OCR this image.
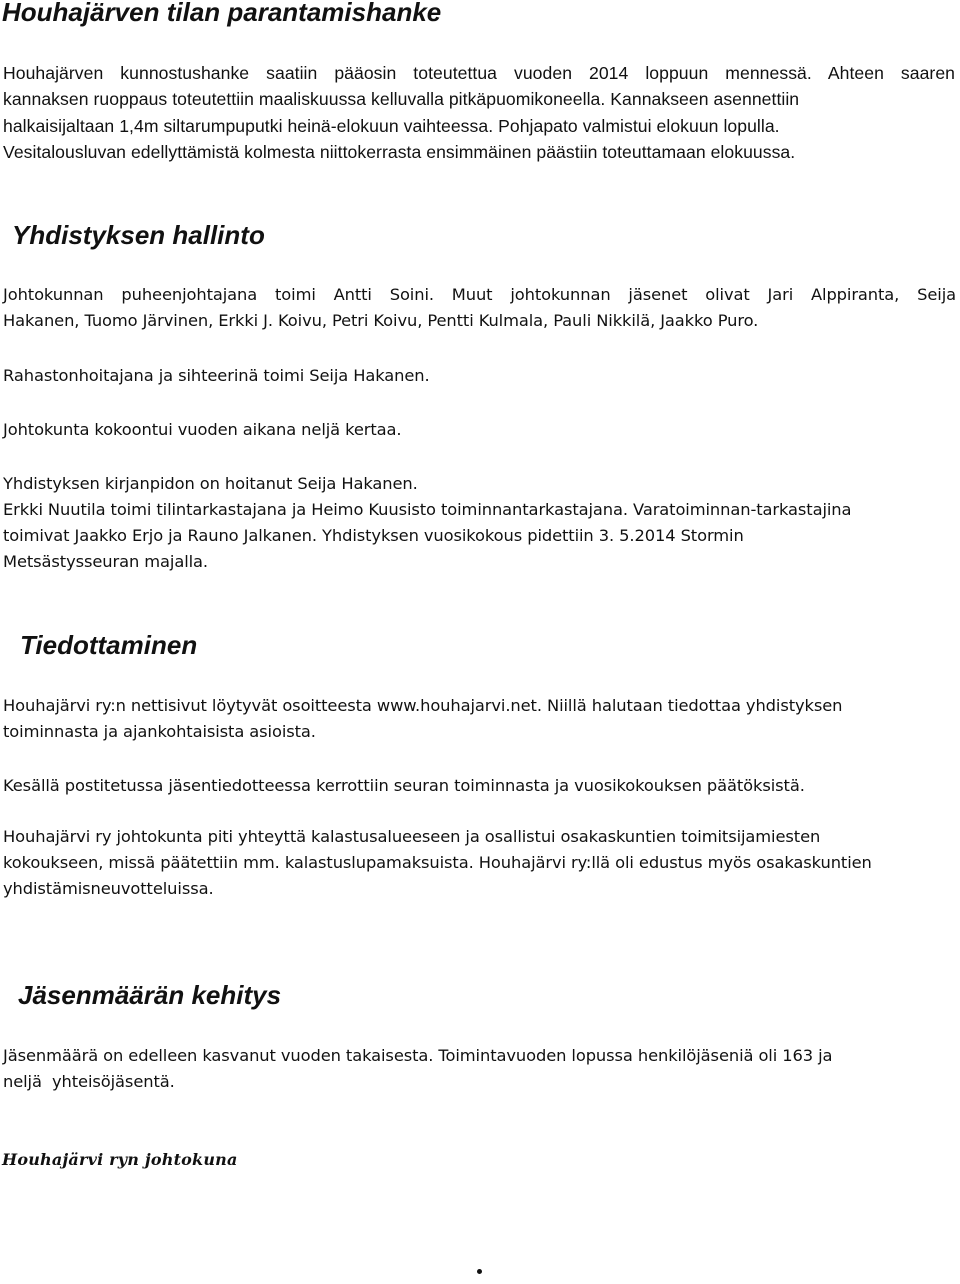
Houhajärven tilan parantamishanke

Houhajärven kunnostushanke saatiin pääosin toteutettua vuoden 2014 loppuun mennessä. Ahteen saaren

kannaksen ruoppaus toteutettiin maaliskuussa kelluvalla pitkäpuomikoneella. Kannakseen asennettiin

halkaisijaltaan 1,4m siltarumpuputki heinä-elokuun vaihteessa. Pohjapato valmistui elokuun lopulla.

Vesitalousluvan edellyttämistä kolmesta niittokerrasta ensimmäinen päästiin toteuttamaan elokuussa.

Yhdistyksen hallinto

Johtokunnan puheenjohtajana toimi Antti Soini. Muut johtokunnan jäsenet olivat Jari Alppiranta, Seija

Hakanen, Tuomo Järvinen, Erkki J. Koivu, Petri Koivu, Pentti Kulmala, Pauli Nikkilä, Jaakko Puro.

Rahastonhoitajana ja sihteerinä toimi Seija Hakanen.

Johtokunta kokoontui vuoden aikana neljä kertaa.

Yhdistyksen kirjanpidon on hoitanut Seija Hakanen.

Erkki Nuutila toimi tilintarkastajana ja Heimo Kuusisto toiminnantarkastajana. Varatoiminnan-tarkastajina

toimivat Jaakko Erjo ja Rauno Jalkanen. Yhdistyksen vuosikokous pidettiin 3. 5.2014 Stormin

Metsästysseuran majalla.

Tiedottaminen

Houhajärvi ry:n nettisivut löytyvät osoitteesta www.houhajarvi.net. Niillä halutaan tiedottaa yhdistyksen

toiminnasta ja ajankohtaisista asioista.

Kesällä postitetussa jäsentiedotteessa kerrottiin seuran toiminnasta ja vuosikokouksen päätöksistä.

Houhajärvi ry johtokunta piti yhteyttä kalastusalueeseen ja osallistui osakaskuntien toimitsijamiesten

kokoukseen, missä päätettiin mm. kalastuslupamaksuista. Houhajärvi ry:llä oli edustus myös osakaskuntien

yhdistämisneuvotteluissa.

Jäsenmäärän kehitys

Jäsenmäärä on edelleen kasvanut vuoden takaisesta. Toimintavuoden lopussa henkilöjäseniä oli 163 ja

neljä  yhteisöjäsentä.

Houhajärvi ryn johtokuna
